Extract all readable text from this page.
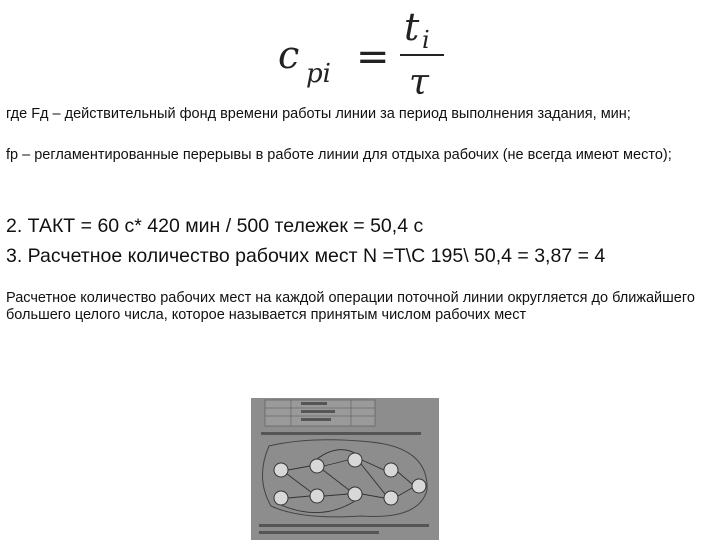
c pi =
t i
τ

где Fд – действительный фонд времени работы линии за период выполнения задания, мин;

fр – регламентированные перерывы в работе линии для отдыха рабочих (не всегда имеют место);

2. ТАКТ = 60 с* 420 мин / 500 тележек = 50,4 с

3. Расчетное количество рабочих мест N =Т\С 195\ 50,4 = 3,87 = 4

Расчетное количество рабочих мест на каждой операции поточной линии округляется до ближайшего большего целого числа, которое называется принятым числом рабочих мест
